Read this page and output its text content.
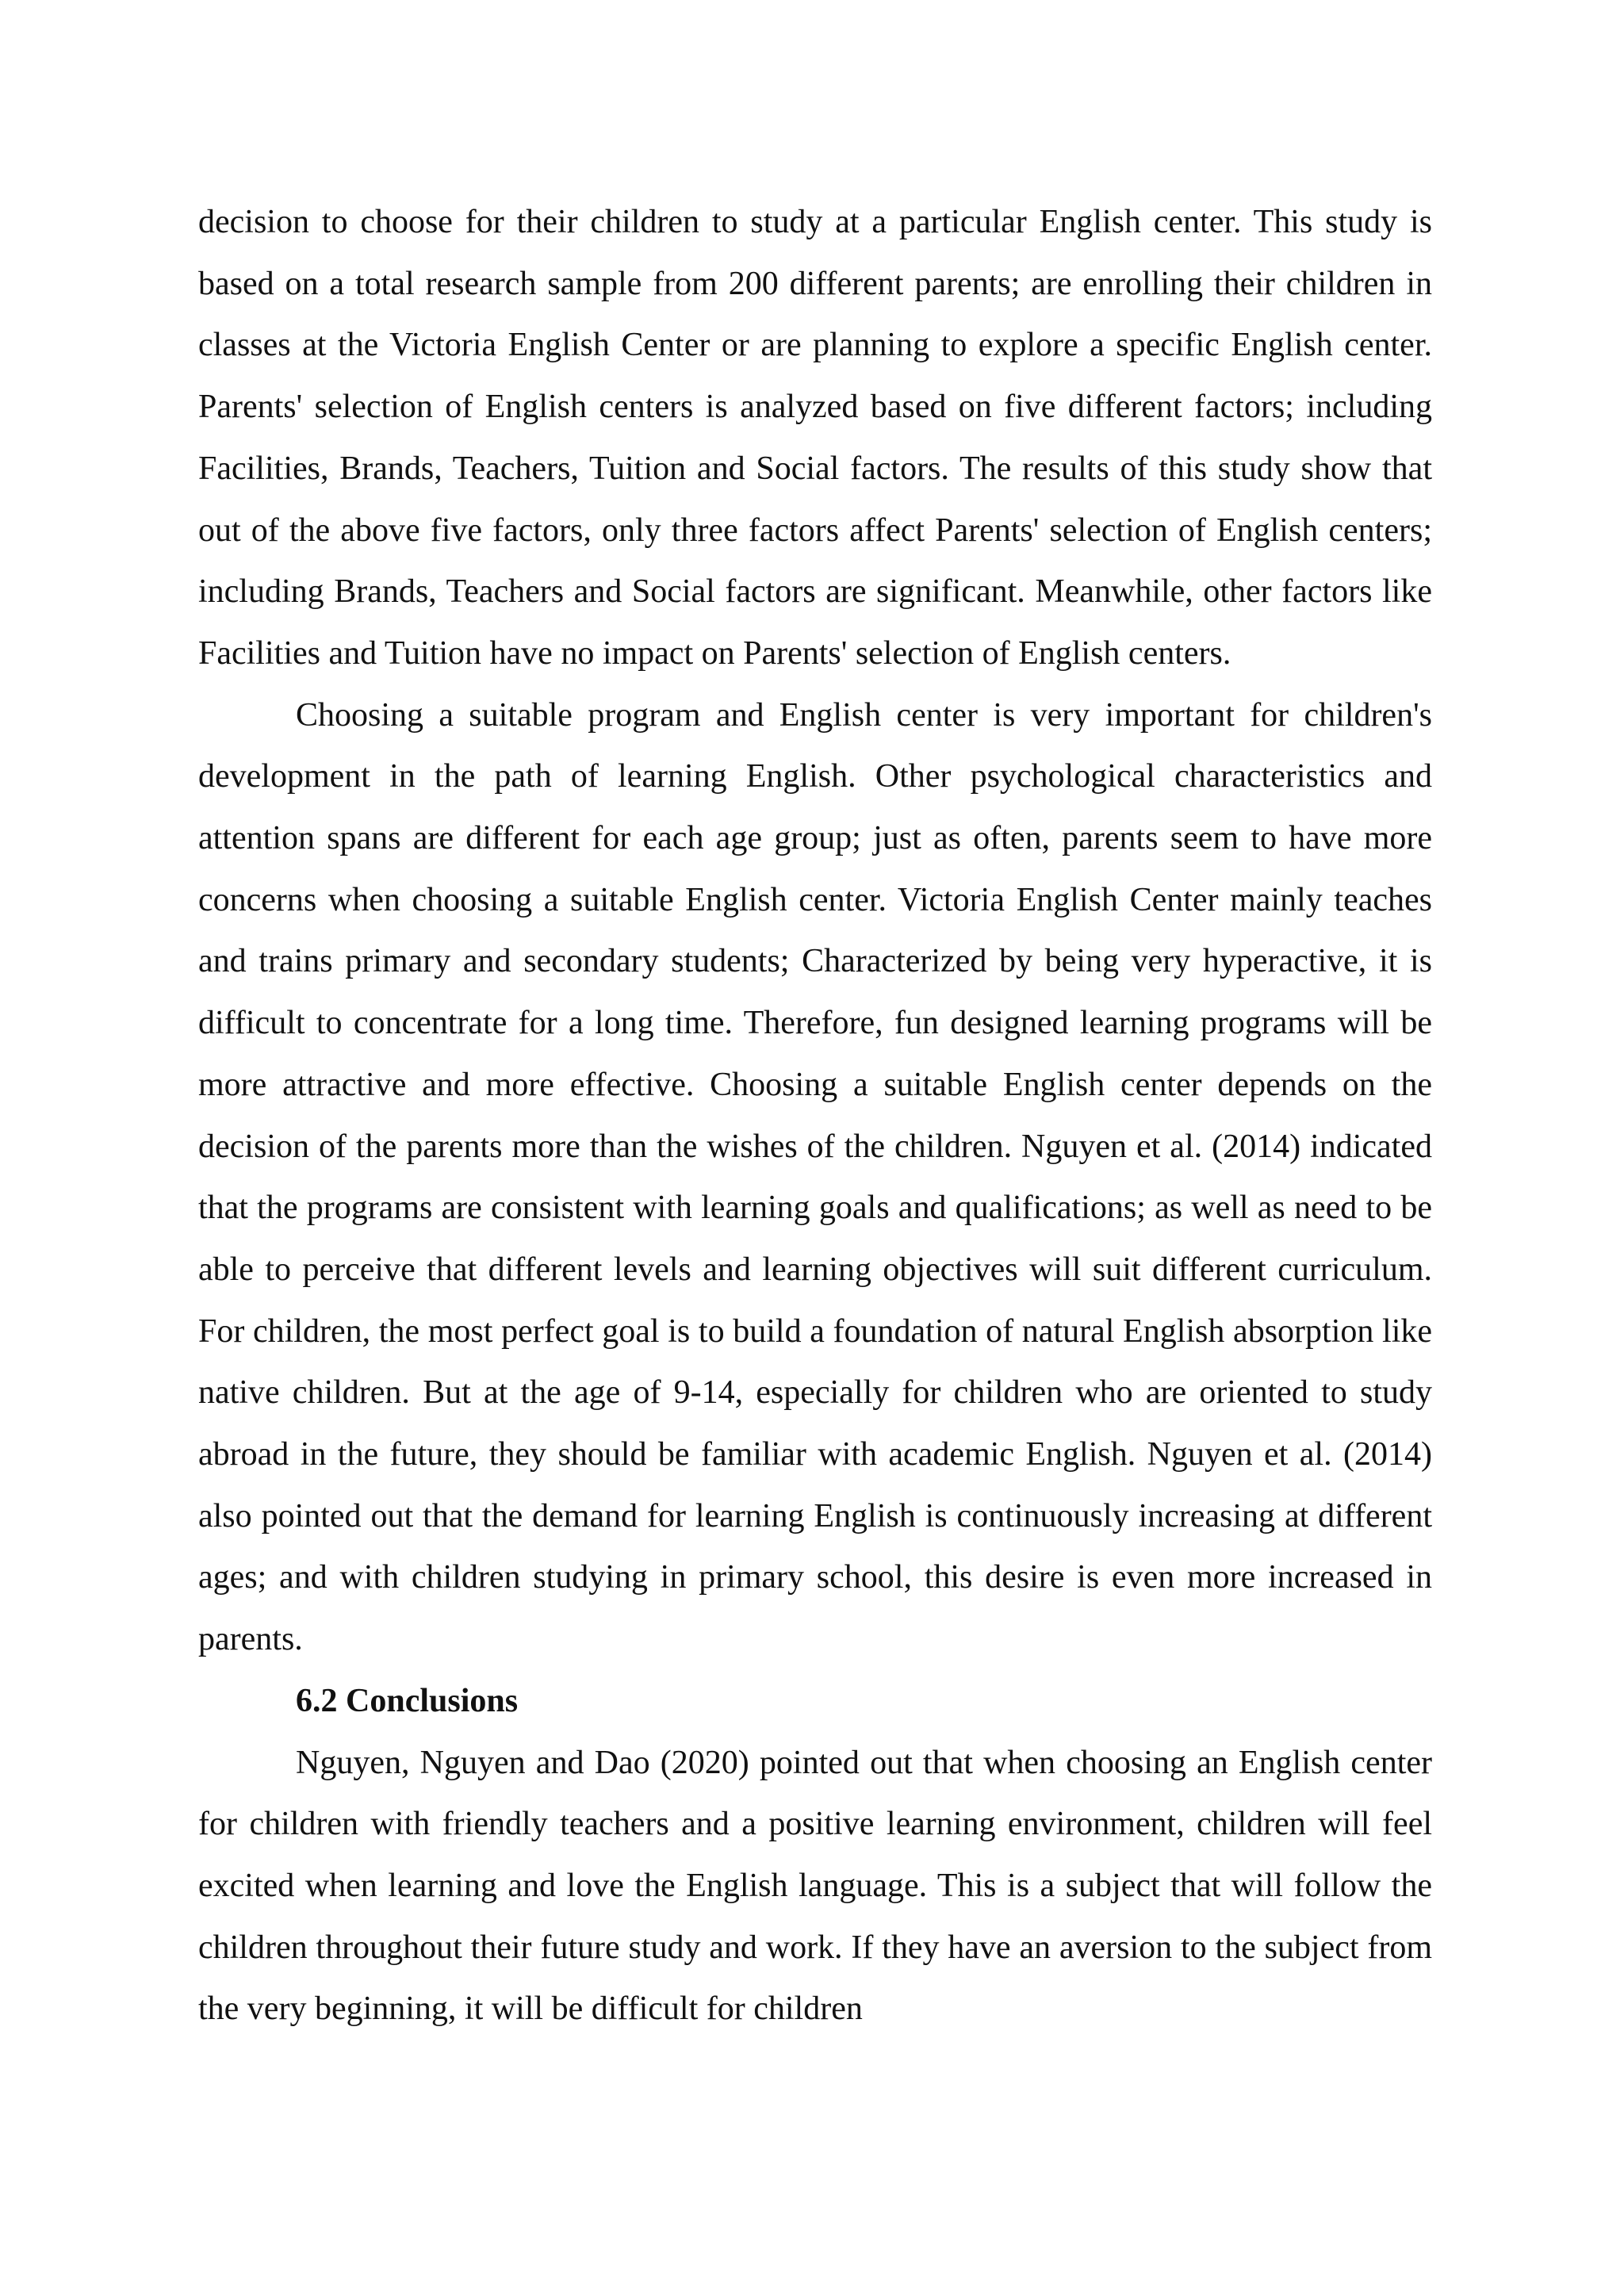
decision to choose for their children to study at a particular English center. This study is based on a total research sample from 200 different parents; are enrolling their children in classes at the Victoria English Center or are planning to explore a specific English center. Parents' selection of English centers is analyzed based on five different factors; including Facilities, Brands, Teachers, Tuition and Social factors. The results of this study show that out of the above five factors, only three factors affect Parents' selection of English centers; including Brands, Teachers and Social factors are significant. Meanwhile, other factors like Facilities and Tuition have no impact on Parents' selection of English centers.

Choosing a suitable program and English center is very important for children's development in the path of learning English. Other psychological characteristics and attention spans are different for each age group; just as often, parents seem to have more concerns when choosing a suitable English center. Victoria English Center mainly teaches and trains primary and secondary students; Characterized by being very hyperactive, it is difficult to concentrate for a long time. Therefore, fun designed learning programs will be more attractive and more effective. Choosing a suitable English center depends on the decision of the parents more than the wishes of the children. Nguyen et al. (2014) indicated that the programs are consistent with learning goals and qualifications; as well as need to be able to perceive that different levels and learning objectives will suit different curriculum. For children, the most perfect goal is to build a foundation of natural English absorption like native children. But at the age of 9-14, especially for children who are oriented to study abroad in the future, they should be familiar with academic English. Nguyen et al. (2014) also pointed out that the demand for learning English is continuously increasing at different ages; and with children studying in primary school, this desire is even more increased in parents.

6.2 Conclusions

Nguyen, Nguyen and Dao (2020) pointed out that when choosing an English center for children with friendly teachers and a positive learning environment, children will feel excited when learning and love the English language. This is a subject that will follow the children throughout their future study and work. If they have an aversion to the subject from the very beginning, it will be difficult for children
